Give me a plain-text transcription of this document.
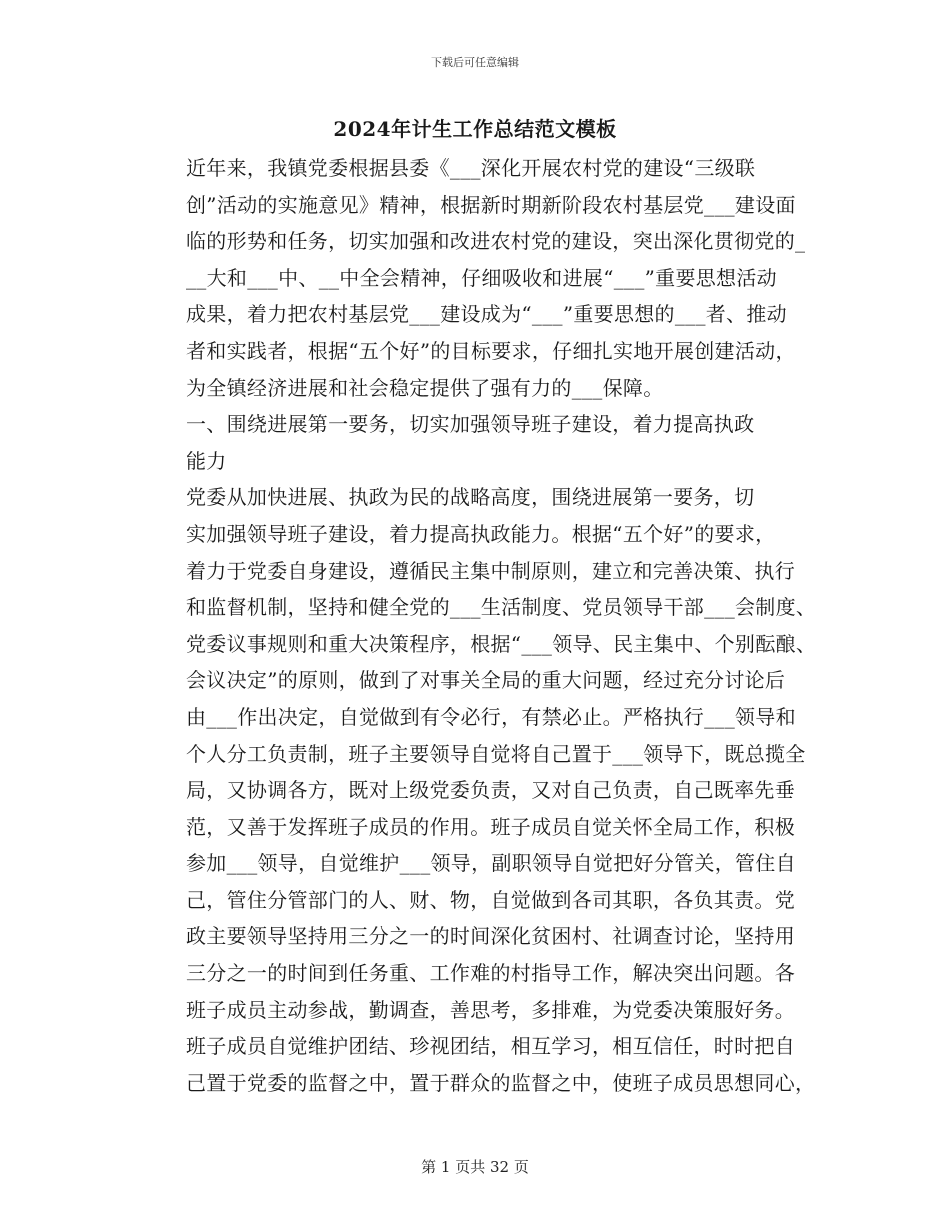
下载后可任意编辑
2024年计生工作总结范文模板
近年来，我镇党委根据县委《___深化开展农村党的建设“三级联
创”活动的实施意见》精神，根据新时期新阶段农村基层党___建设面
临的形势和任务，切实加强和改进农村党的建设，突出深化贯彻党的_
__大和___中、__中全会精神，仔细吸收和进展“___”重要思想活动
成果，着力把农村基层党___建设成为“___”重要思想的___者、推动
者和实践者，根据“五个好”的目标要求，仔细扎实地开展创建活动，
为全镇经济进展和社会稳定提供了强有力的___保障。
一、围绕进展第一要务，切实加强领导班子建设，着力提高执政
能力
党委从加快进展、执政为民的战略高度，围绕进展第一要务，切
实加强领导班子建设，着力提高执政能力。根据“五个好”的要求，
着力于党委自身建设，遵循民主集中制原则，建立和完善决策、执行
和监督机制，坚持和健全党的___生活制度、党员领导干部___会制度、
党委议事规则和重大决策程序，根据“___领导、民主集中、个别酝酿、
会议决定”的原则，做到了对事关全局的重大问题，经过充分讨论后
由___作出决定，自觉做到有令必行，有禁必止。严格执行___领导和
个人分工负责制，班子主要领导自觉将自己置于___领导下，既总揽全
局，又协调各方，既对上级党委负责，又对自己负责，自己既率先垂
范，又善于发挥班子成员的作用。班子成员自觉关怀全局工作，积极
参加___领导，自觉维护___领导，副职领导自觉把好分管关，管住自
己，管住分管部门的人、财、物，自觉做到各司其职，各负其责。党
政主要领导坚持用三分之一的时间深化贫困村、社调查讨论，坚持用
三分之一的时间到任务重、工作难的村指导工作，解决突出问题。各
班子成员主动参战，勤调查，善思考，多排难，为党委决策服好务。
班子成员自觉维护团结、珍视团结，相互学习，相互信任，时时把自
己置于党委的监督之中，置于群众的监督之中，使班子成员思想同心，
第 1 页共 32 页
